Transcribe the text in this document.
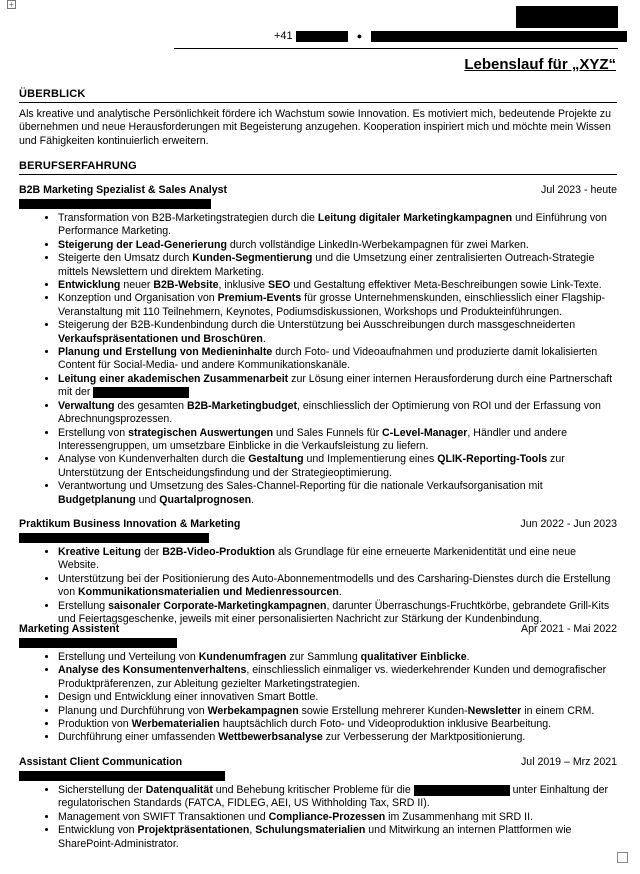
+
+41	●
Lebenslauf für „XYZ“
ÜBERBLICK
Als kreative und analytische Persönlichkeit fördere ich Wachstum sowie Innovation. Es motiviert mich, bedeutende Projekte zu übernehmen und neue Herausforderungen mit Begeisterung anzugehen. Kooperation inspiriert mich und möchte mein Wissen und Fähigkeiten kontinuierlich erweitern.
BERUFSERFAHRUNG
B2B Marketing Spezialist & Sales Analyst	Jul 2023 - heute
• Transformation von B2B-Marketingstrategien durch die Leitung digitaler Marketingkampagnen und Einführung von Performance Marketing.
• Steigerung der Lead-Generierung durch vollständige LinkedIn-Werbekampagnen für zwei Marken.
• Steigerte den Umsatz durch Kunden-Segmentierung und die Umsetzung einer zentralisierten Outreach-Strategie mittels Newslettern und direktem Marketing.
• Entwicklung neuer B2B-Website, inklusive SEO und Gestaltung effektiver Meta-Beschreibungen sowie Link-Texte.
• Konzeption und Organisation von Premium-Events für grosse Unternehmenskunden, einschliesslich einer Flagship-Veranstaltung mit 110 Teilnehmern, Keynotes, Podiumsdiskussionen, Workshops und Produkteinführungen.
• Steigerung der B2B-Kundenbindung durch die Unterstützung bei Ausschreibungen durch massgeschneiderten Verkaufspräsentationen und Broschüren.
• Planung und Erstellung von Medieninhalte durch Foto- und Videoaufnahmen und produzierte damit lokalisierten Content für Social-Media- und andere Kommunikationskanäle.
• Leitung einer akademischen Zusammenarbeit zur Lösung einer internen Herausforderung durch eine Partnerschaft mit der
• Verwaltung des gesamten B2B-Marketingbudget, einschliesslich der Optimierung von ROI und der Erfassung von Abrechnungsprozessen.
• Erstellung von strategischen Auswertungen und Sales Funnels für C-Level-Manager, Händler und andere Interessengruppen, um umsetzbare Einblicke in die Verkaufsleistung zu liefern.
• Analyse von Kundenverhalten durch die Gestaltung und Implementierung eines QLIK-Reporting-Tools zur Unterstützung der Entscheidungsfindung und der Strategieoptimierung.
• Verantwortung und Umsetzung des Sales-Channel-Reporting für die nationale Verkaufsorganisation mit Budgetplanung und Quartalprognosen.
Praktikum Business Innovation & Marketing	Jun 2022 - Jun 2023
• Kreative Leitung der B2B-Video-Produktion als Grundlage für eine erneuerte Markenidentität und eine neue Website.
• Unterstützung bei der Positionierung des Auto-Abonnementmodells und des Carsharing-Dienstes durch die Erstellung von Kommunikationsmaterialien und Medienressourcen.
• Erstellung saisonaler Corporate-Marketingkampagnen, darunter Überraschungs-Fruchtkörbe, gebrandete Grill-Kits und Feiertagsgeschenke, jeweils mit einer personalisierten Nachricht zur Stärkung der Kundenbindung.
Marketing Assistent	Apr 2021 - Mai 2022
• Erstellung und Verteilung von Kundenumfragen zur Sammlung qualitativer Einblicke.
• Analyse des Konsumentenverhaltens, einschliesslich einmaliger vs. wiederkehrender Kunden und demografischer Produktpräferenzen, zur Ableitung gezielter Marketingstrategien.
• Design und Entwicklung einer innovativen Smart Bottle.
• Planung und Durchführung von Werbekampagnen sowie Erstellung mehrerer Kunden-Newsletter in einem CRM.
• Produktion von Werbematerialien hauptsächlich durch Foto- und Videoproduktion inklusive Bearbeitung.
• Durchführung einer umfassenden Wettbewerbsanalyse zur Verbesserung der Marktpositionierung.
Assistant Client Communication	Jul 2019 – Mrz 2021
• Sicherstellung der Datenqualität und Behebung kritischer Probleme für die	unter Einhaltung der regulatorischen Standards (FATCA, FIDLEG, AEI, US Withholding Tax, SRD II).
• Management von SWIFT Transaktionen und Compliance-Prozessen im Zusammenhang mit SRD II.
• Entwicklung von Projektpräsentationen, Schulungsmaterialien und Mitwirkung an internen Plattformen wie SharePoint-Administrator.
